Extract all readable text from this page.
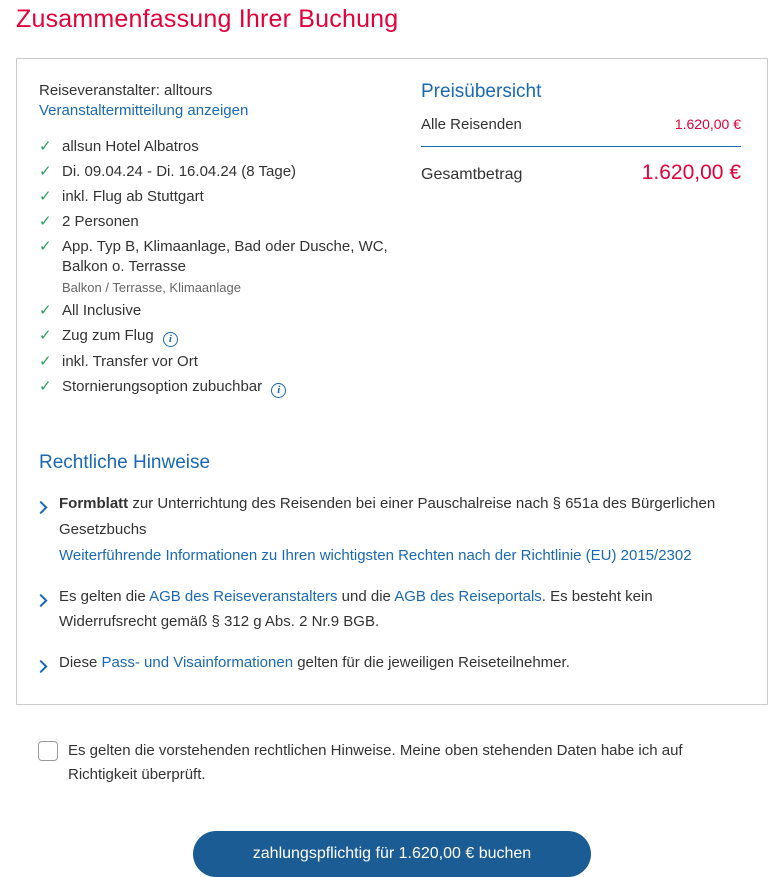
Zusammenfassung Ihrer Buchung
Reiseveranstalter: alltours
Veranstaltermitteilung anzeigen
✓ allsun Hotel Albatros
✓ Di. 09.04.24 - Di. 16.04.24 (8 Tage)
✓ inkl. Flug ab Stuttgart
✓ 2 Personen
✓ App. Typ B, Klimaanlage, Bad oder Dusche, WC, Balkon o. Terrasse
Balkon / Terrasse, Klimaanlage
✓ All Inclusive
✓ Zug zum Flug i
✓ inkl. Transfer vor Ort
✓ Stornierungsoption zubuchbar i
Preisübersicht
Alle Reisenden	1.620,00 €
Gesamtbetrag	1.620,00 €
Rechtliche Hinweise
Formblatt zur Unterrichtung des Reisenden bei einer Pauschalreise nach § 651a des Bürgerlichen Gesetzbuchs
Weiterführende Informationen zu Ihren wichtigsten Rechten nach der Richtlinie (EU) 2015/2302
Es gelten die AGB des Reiseveranstalters und die AGB des Reiseportals. Es besteht kein Widerrufsrecht gemäß § 312 g Abs. 2 Nr.9 BGB.
Diese Pass- und Visainformationen gelten für die jeweiligen Reiseteilnehmer.
Es gelten die vorstehenden rechtlichen Hinweise. Meine oben stehenden Daten habe ich auf Richtigkeit überprüft.
zahlungspflichtig für 1.620,00 € buchen
